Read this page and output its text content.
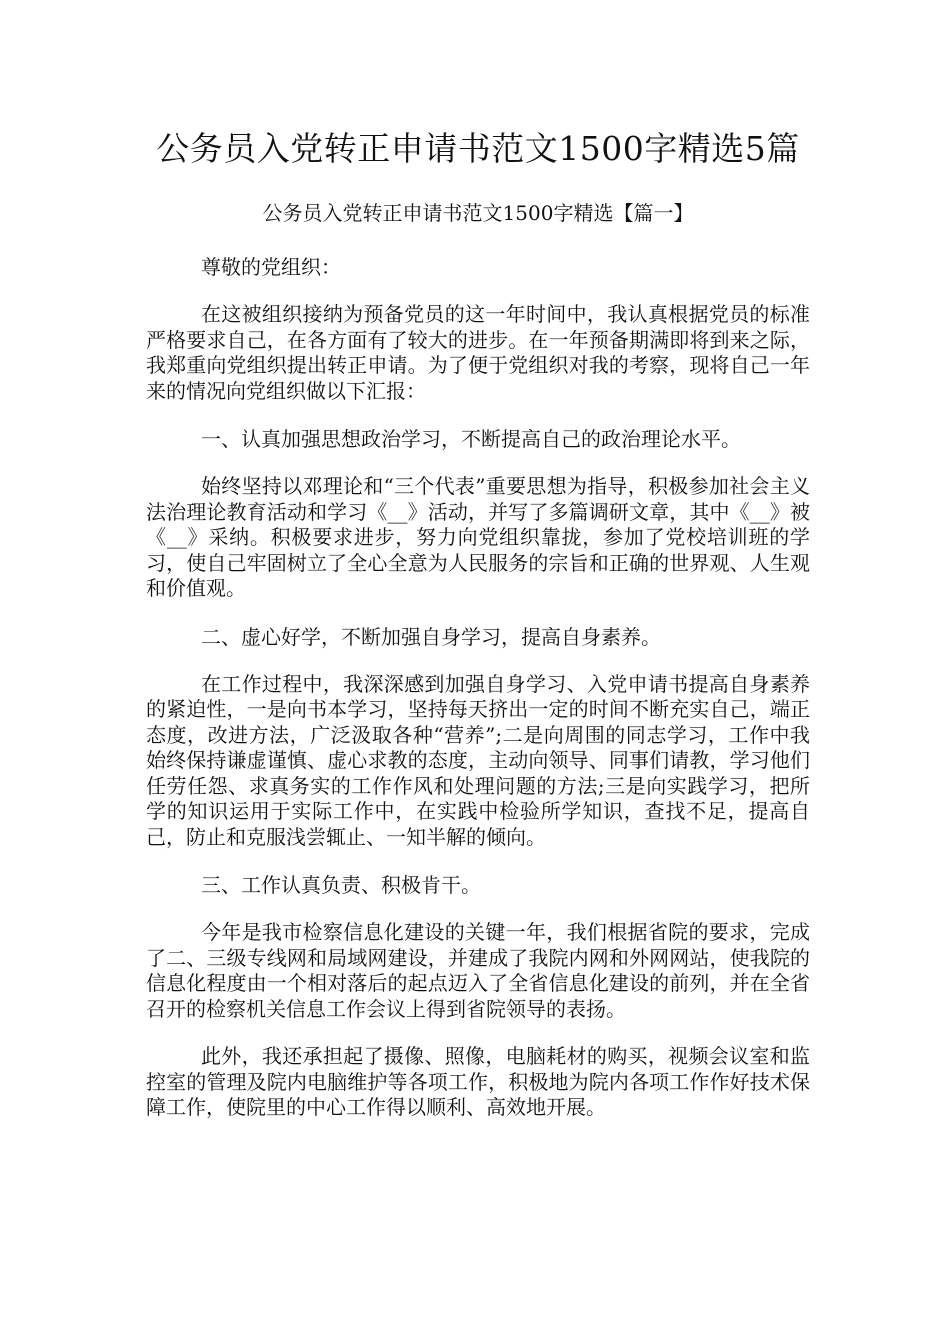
公务员入党转正申请书范文1500字精选5篇
公务员入党转正申请书范文1500字精选【篇一】

尊敬的党组织：

在这被组织接纳为预备党员的这一年时间中，我认真根据党员的标准严格要求自己，在各方面有了较大的进步。在一年预备期满即将到来之际，我郑重向党组织提出转正申请。为了便于党组织对我的考察，现将自己一年来的情况向党组织做以下汇报：

一、认真加强思想政治学习，不断提高自己的政治理论水平。

始终坚持以邓理论和“三个代表”重要思想为指导，积极参加社会主义法治理论教育活动和学习《__》活动，并写了多篇调研文章，其中《__》被《__》采纳。积极要求进步，努力向党组织靠拢，参加了党校培训班的学习，使自己牢固树立了全心全意为人民服务的宗旨和正确的世界观、人生观和价值观。

二、虚心好学，不断加强自身学习，提高自身素养。

在工作过程中，我深深感到加强自身学习、入党申请书提高自身素养的紧迫性，一是向书本学习，坚持每天挤出一定的时间不断充实自己，端正态度，改进方法，广泛汲取各种“营养”;二是向周围的同志学习，工作中我始终保持谦虚谨慎、虚心求教的态度，主动向领导、同事们请教，学习他们任劳任怨、求真务实的工作作风和处理问题的方法;三是向实践学习，把所学的知识运用于实际工作中，在实践中检验所学知识，查找不足，提高自己，防止和克服浅尝辄止、一知半解的倾向。

三、工作认真负责、积极肯干。

今年是我市检察信息化建设的关键一年，我们根据省院的要求，完成了二、三级专线网和局域网建设，并建成了我院内网和外网网站，使我院的信息化程度由一个相对落后的起点迈入了全省信息化建设的前列，并在全省召开的检察机关信息工作会议上得到省院领导的表扬。

此外，我还承担起了摄像、照像，电脑耗材的购买，视频会议室和监控室的管理及院内电脑维护等各项工作，积极地为院内各项工作作好技术保障工作，使院里的中心工作得以顺利、高效地开展。
